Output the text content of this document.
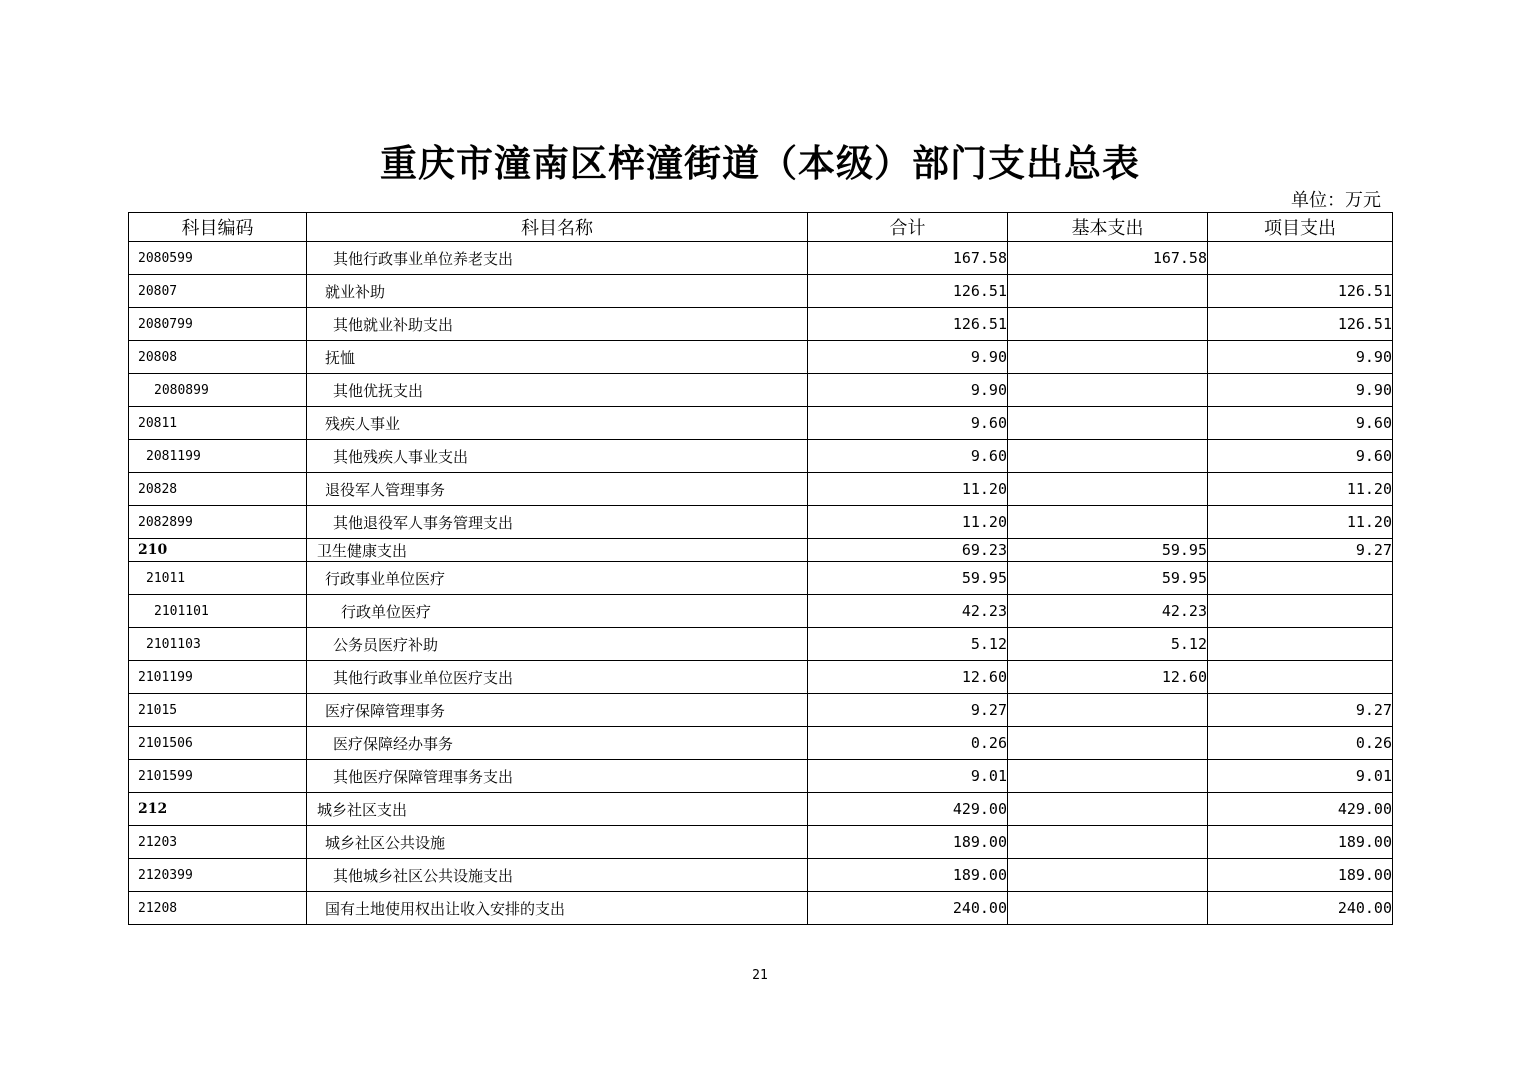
重庆市潼南区梓潼街道（本级）部门支出总表
单位：万元
科目编码	科目名称	合计	基本支出	项目支出
2080599	其他行政事业单位养老支出	167.58	167.58	
20807	就业补助	126.51		126.51
2080799	其他就业补助支出	126.51		126.51
20808	抚恤	9.90		9.90
2080899	其他优抚支出	9.90		9.90
20811	残疾人事业	9.60		9.60
2081199	其他残疾人事业支出	9.60		9.60
20828	退役军人管理事务	11.20		11.20
2082899	其他退役军人事务管理支出	11.20		11.20
210	卫生健康支出	69.23	59.95	9.27
21011	行政事业单位医疗	59.95	59.95	
2101101	行政单位医疗	42.23	42.23	
2101103	公务员医疗补助	5.12	5.12	
2101199	其他行政事业单位医疗支出	12.60	12.60	
21015	医疗保障管理事务	9.27		9.27
2101506	医疗保障经办事务	0.26		0.26
2101599	其他医疗保障管理事务支出	9.01		9.01
212	城乡社区支出	429.00		429.00
21203	城乡社区公共设施	189.00		189.00
2120399	其他城乡社区公共设施支出	189.00		189.00
21208	国有土地使用权出让收入安排的支出	240.00		240.00
21
